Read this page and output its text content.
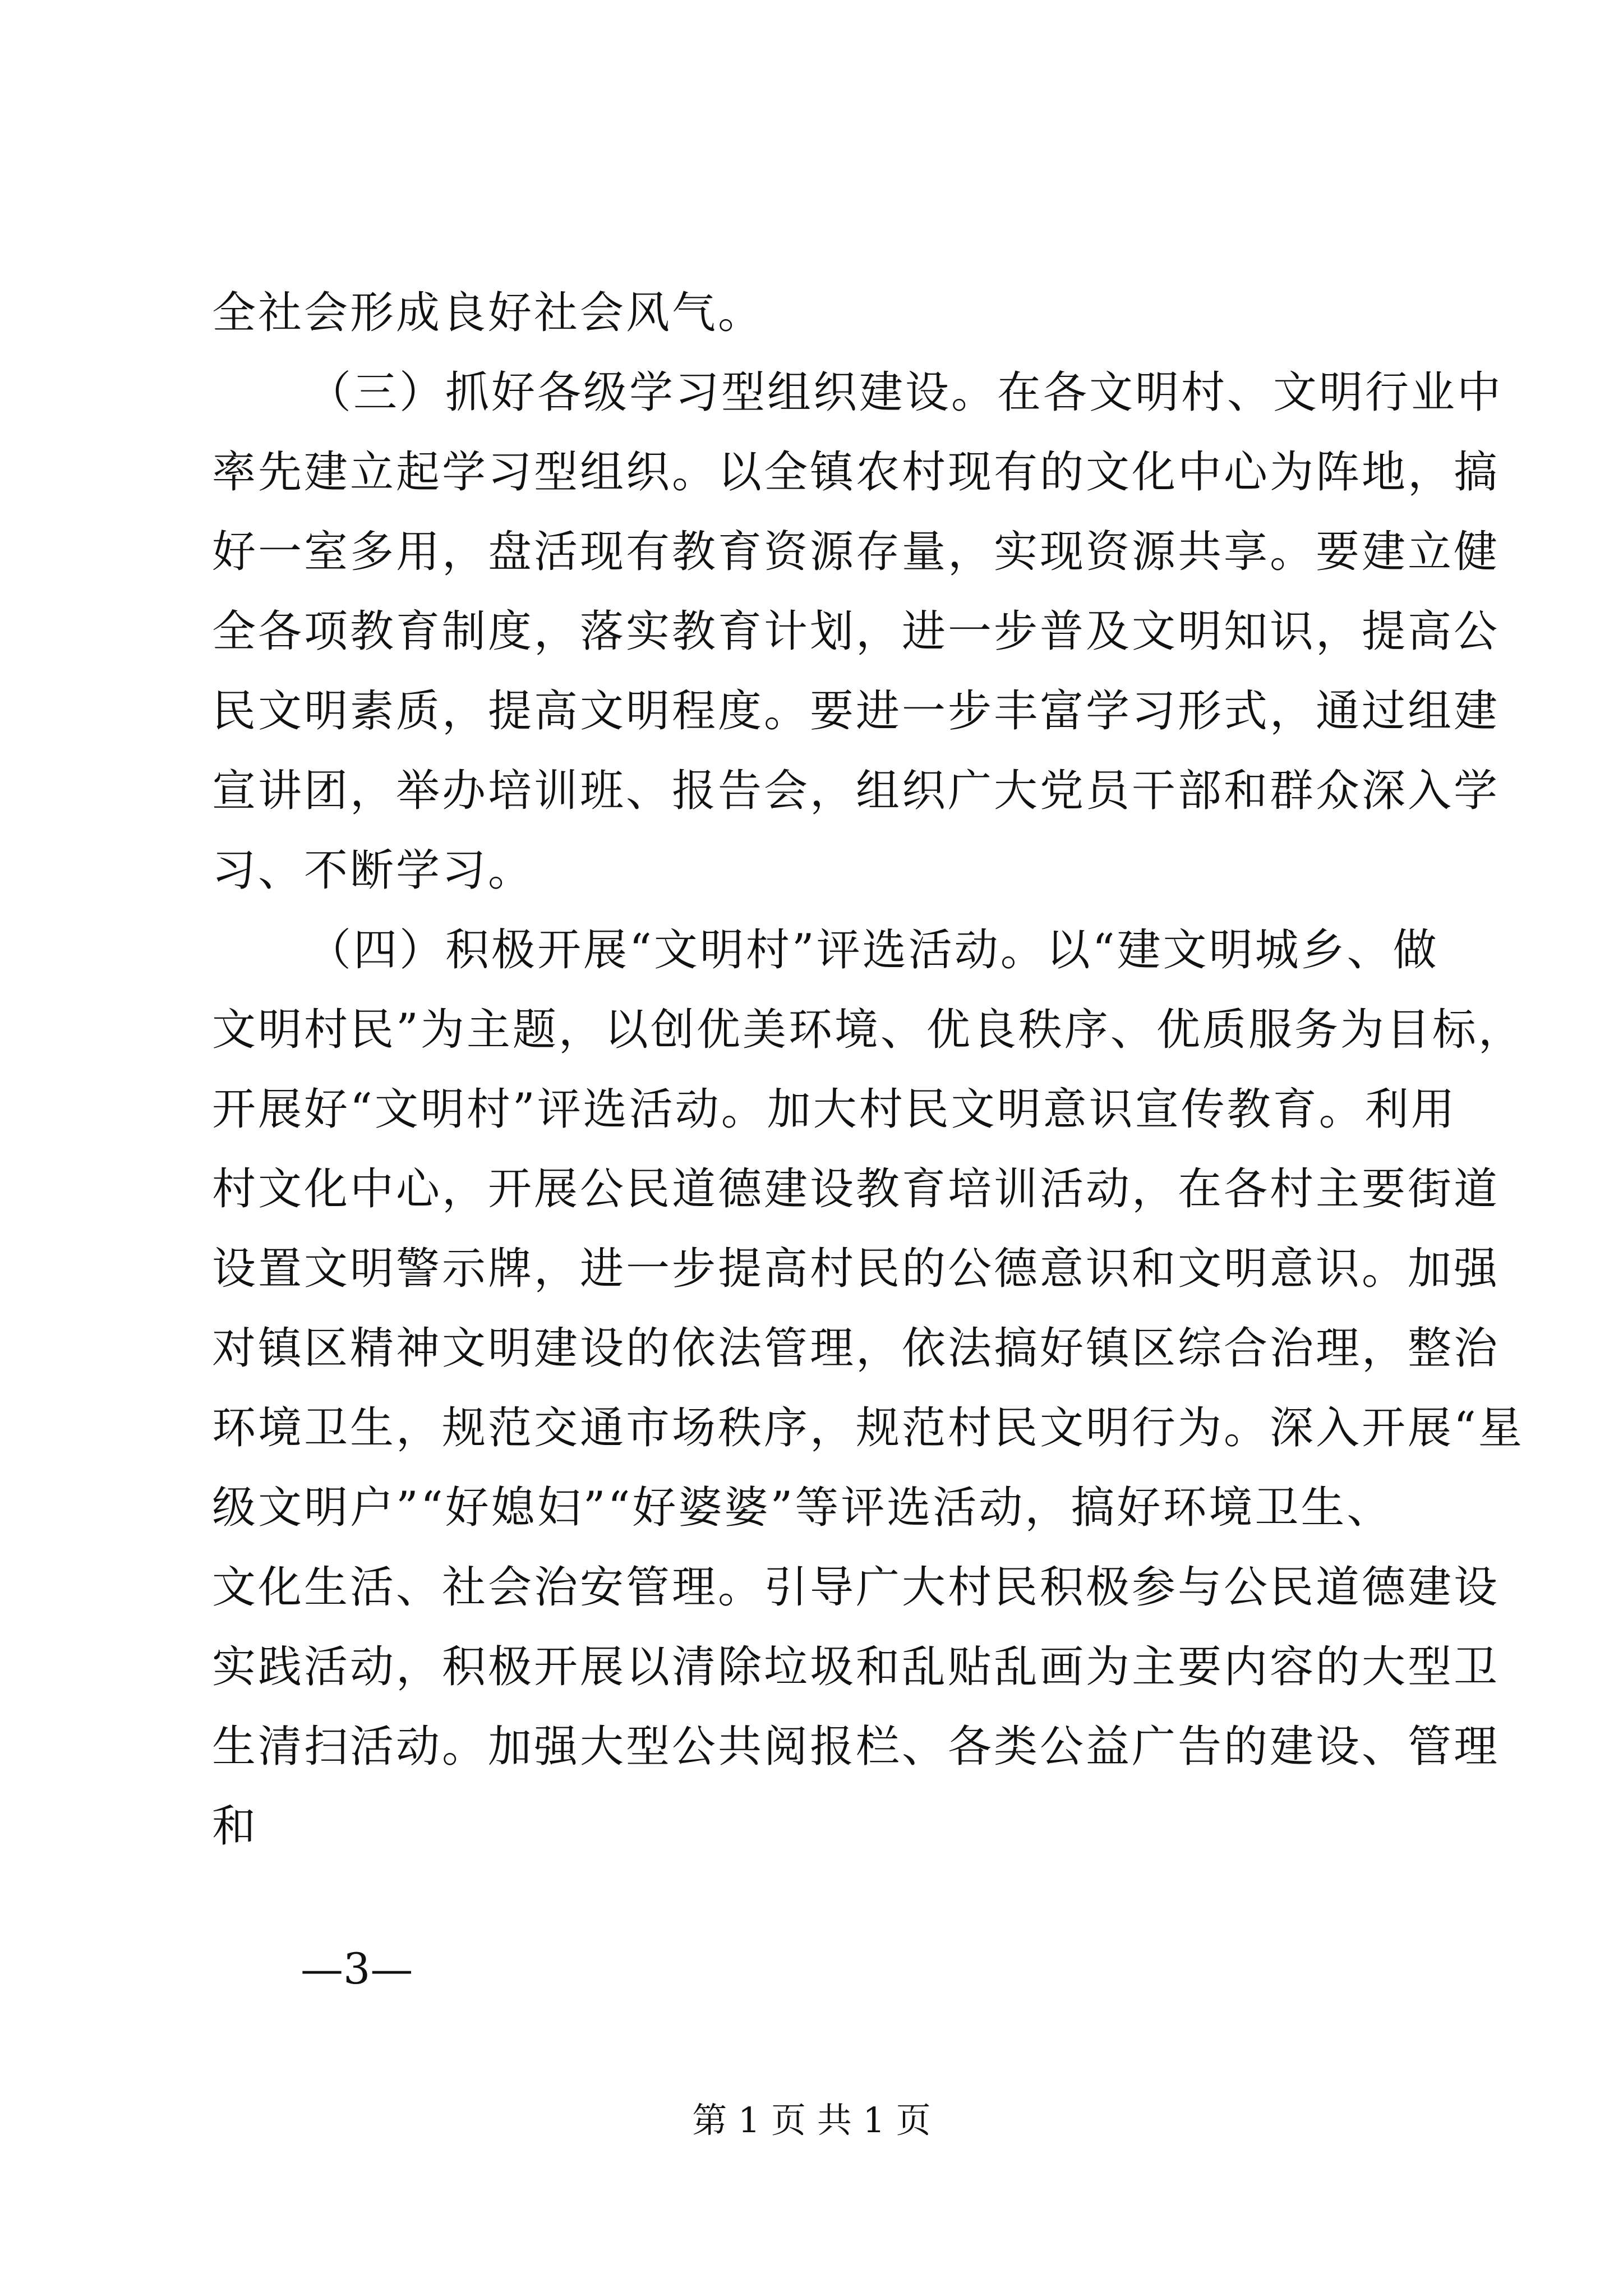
全社会形成良好社会风气。
（三）抓好各级学习型组织建设。在各文明村、文明行业中
率先建立起学习型组织。以全镇农村现有的文化中心为阵地，搞
好一室多用，盘活现有教育资源存量，实现资源共享。要建立健
全各项教育制度，落实教育计划，进一步普及文明知识，提高公
民文明素质，提高文明程度。要进一步丰富学习形式，通过组建
宣讲团，举办培训班、报告会，组织广大党员干部和群众深入学
习、不断学习。
（四）积极开展“文明村”评选活动。以“建文明城乡、做
文明村民”为主题，以创优美环境、优良秩序、优质服务为目标，
开展好“文明村”评选活动。加大村民文明意识宣传教育。利用
村文化中心，开展公民道德建设教育培训活动，在各村主要街道
设置文明警示牌，进一步提高村民的公德意识和文明意识。加强
对镇区精神文明建设的依法管理，依法搞好镇区综合治理，整治
环境卫生，规范交通市场秩序，规范村民文明行为。深入开展“星
级文明户”“好媳妇”“好婆婆”等评选活动，搞好环境卫生、
文化生活、社会治安管理。引导广大村民积极参与公民道德建设
实践活动，积极开展以清除垃圾和乱贴乱画为主要内容的大型卫
生清扫活动。加强大型公共阅报栏、各类公益广告的建设、管理
和
—3—
第 1 页 共 1 页
